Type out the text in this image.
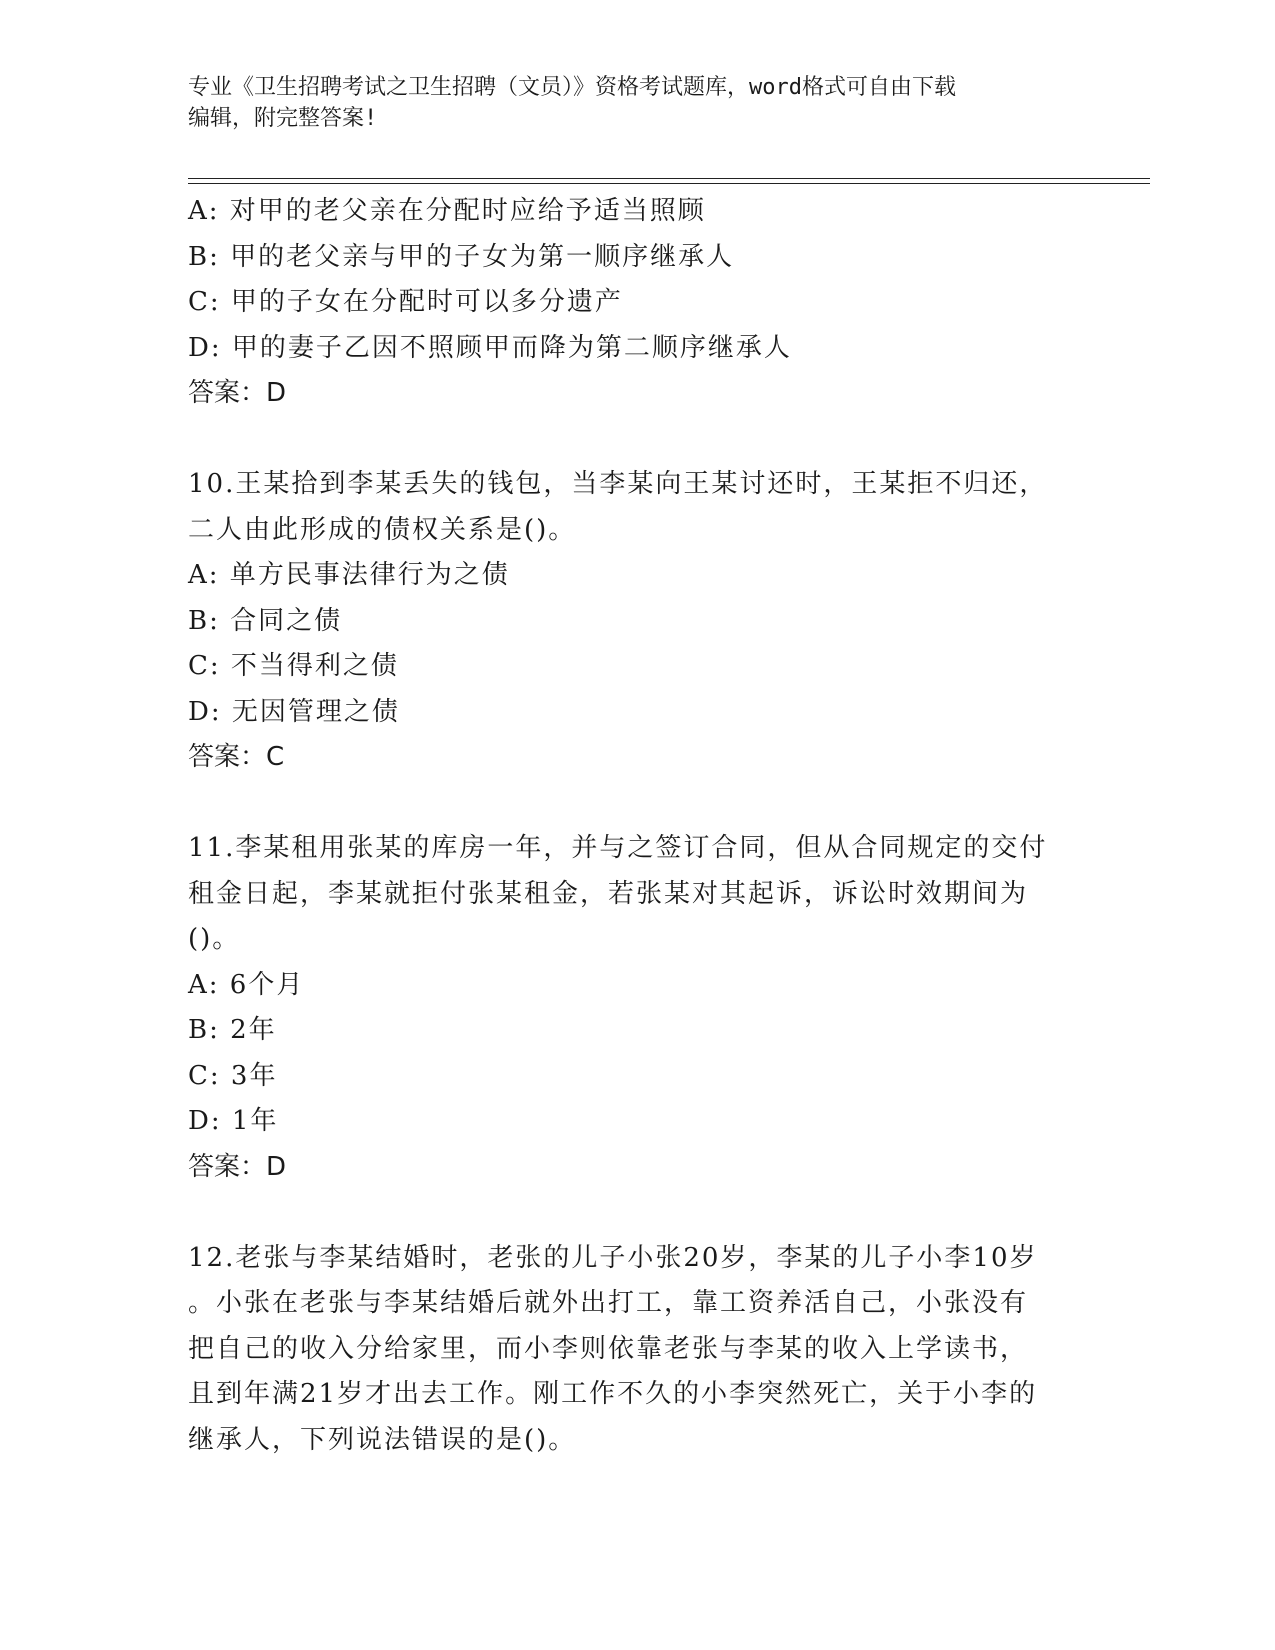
专业《卫生招聘考试之卫生招聘（文员）》资格考试题库，word格式可自由下载
编辑，附完整答案!
A: 对甲的老父亲在分配时应给予适当照顾
B: 甲的老父亲与甲的子女为第一顺序继承人
C: 甲的子女在分配时可以多分遗产
D: 甲的妻子乙因不照顾甲而降为第二顺序继承人
答案：D
10.王某拾到李某丢失的钱包，当李某向王某讨还时，王某拒不归还，
二人由此形成的债权关系是()。
A: 单方民事法律行为之债
B: 合同之债
C: 不当得利之债
D: 无因管理之债
答案：C
11.李某租用张某的库房一年，并与之签订合同，但从合同规定的交付
租金日起，李某就拒付张某租金，若张某对其起诉，诉讼时效期间为
()。
A: 6个月
B: 2年
C: 3年
D: 1年
答案：D
12.老张与李某结婚时，老张的儿子小张20岁，李某的儿子小李10岁
。小张在老张与李某结婚后就外出打工，靠工资养活自己，小张没有
把自己的收入分给家里，而小李则依靠老张与李某的收入上学读书，
且到年满21岁才出去工作。刚工作不久的小李突然死亡，关于小李的
继承人，下列说法错误的是()。
